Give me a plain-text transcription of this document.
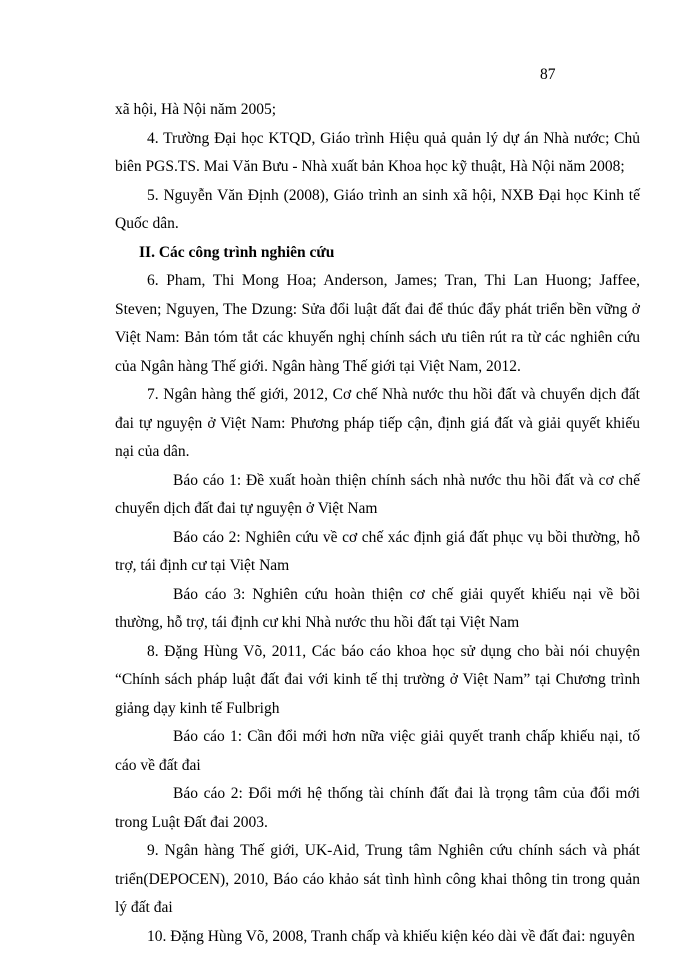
87

xã hội, Hà Nội năm 2005;

4. Trường Đại học KTQD, Giáo trình Hiệu quả quản lý dự án Nhà nước; Chủ biên PGS.TS. Mai Văn Bưu - Nhà xuất bản Khoa học kỹ thuật, Hà Nội năm 2008;

5. Nguyễn Văn Định (2008), Giáo trình an sinh xã hội, NXB Đại học Kinh tế Quốc dân.

II. Các công trình nghiên cứu

6. Pham, Thi Mong Hoa; Anderson, James; Tran, Thi Lan Huong; Jaffee, Steven; Nguyen, The Dzung: Sửa đổi luật đất đai để thúc đẩy phát triển bền vững ở Việt Nam: Bản tóm tắt các khuyến nghị chính sách ưu tiên rút ra từ các nghiên cứu của Ngân hàng Thế giới. Ngân hàng Thế giới tại Việt Nam, 2012.

7. Ngân hàng thế giới, 2012, Cơ chế Nhà nước thu hồi đất và chuyển dịch đất đai tự nguyện ở Việt Nam: Phương pháp tiếp cận, định giá đất và giải quyết khiếu nại của dân.

Báo cáo 1: Đề xuất hoàn thiện chính sách nhà nước thu hồi đất và cơ chế chuyển dịch đất đai tự nguyện ở Việt Nam

Báo cáo 2: Nghiên cứu về cơ chế xác định giá đất phục vụ bồi thường, hỗ trợ, tái định cư tại Việt Nam

Báo cáo 3: Nghiên cứu hoàn thiện cơ chế giải quyết khiếu nại về bồi thường, hỗ trợ, tái định cư khi Nhà nước thu hồi đất tại Việt Nam

8. Đặng Hùng Võ, 2011, Các báo cáo khoa học sử dụng cho bài nói chuyện “Chính sách pháp luật đất đai với kinh tế thị trường ở Việt Nam” tại Chương trình giảng dạy kinh tế Fulbrigh

Báo cáo 1: Cần đổi mới hơn nữa việc giải quyết tranh chấp khiếu nại, tố cáo về đất đai

Báo cáo 2: Đổi mới hệ thống tài chính đất đai là trọng tâm của đổi mới trong Luật Đất đai 2003.

9. Ngân hàng Thế giới, UK-Aid, Trung tâm Nghiên cứu chính sách và phát triển(DEPOCEN), 2010, Báo cáo khảo sát tình hình công khai thông tin trong quản lý đất đai

10. Đặng Hùng Võ, 2008, Tranh chấp và khiếu kiện kéo dài về đất đai: nguyên
